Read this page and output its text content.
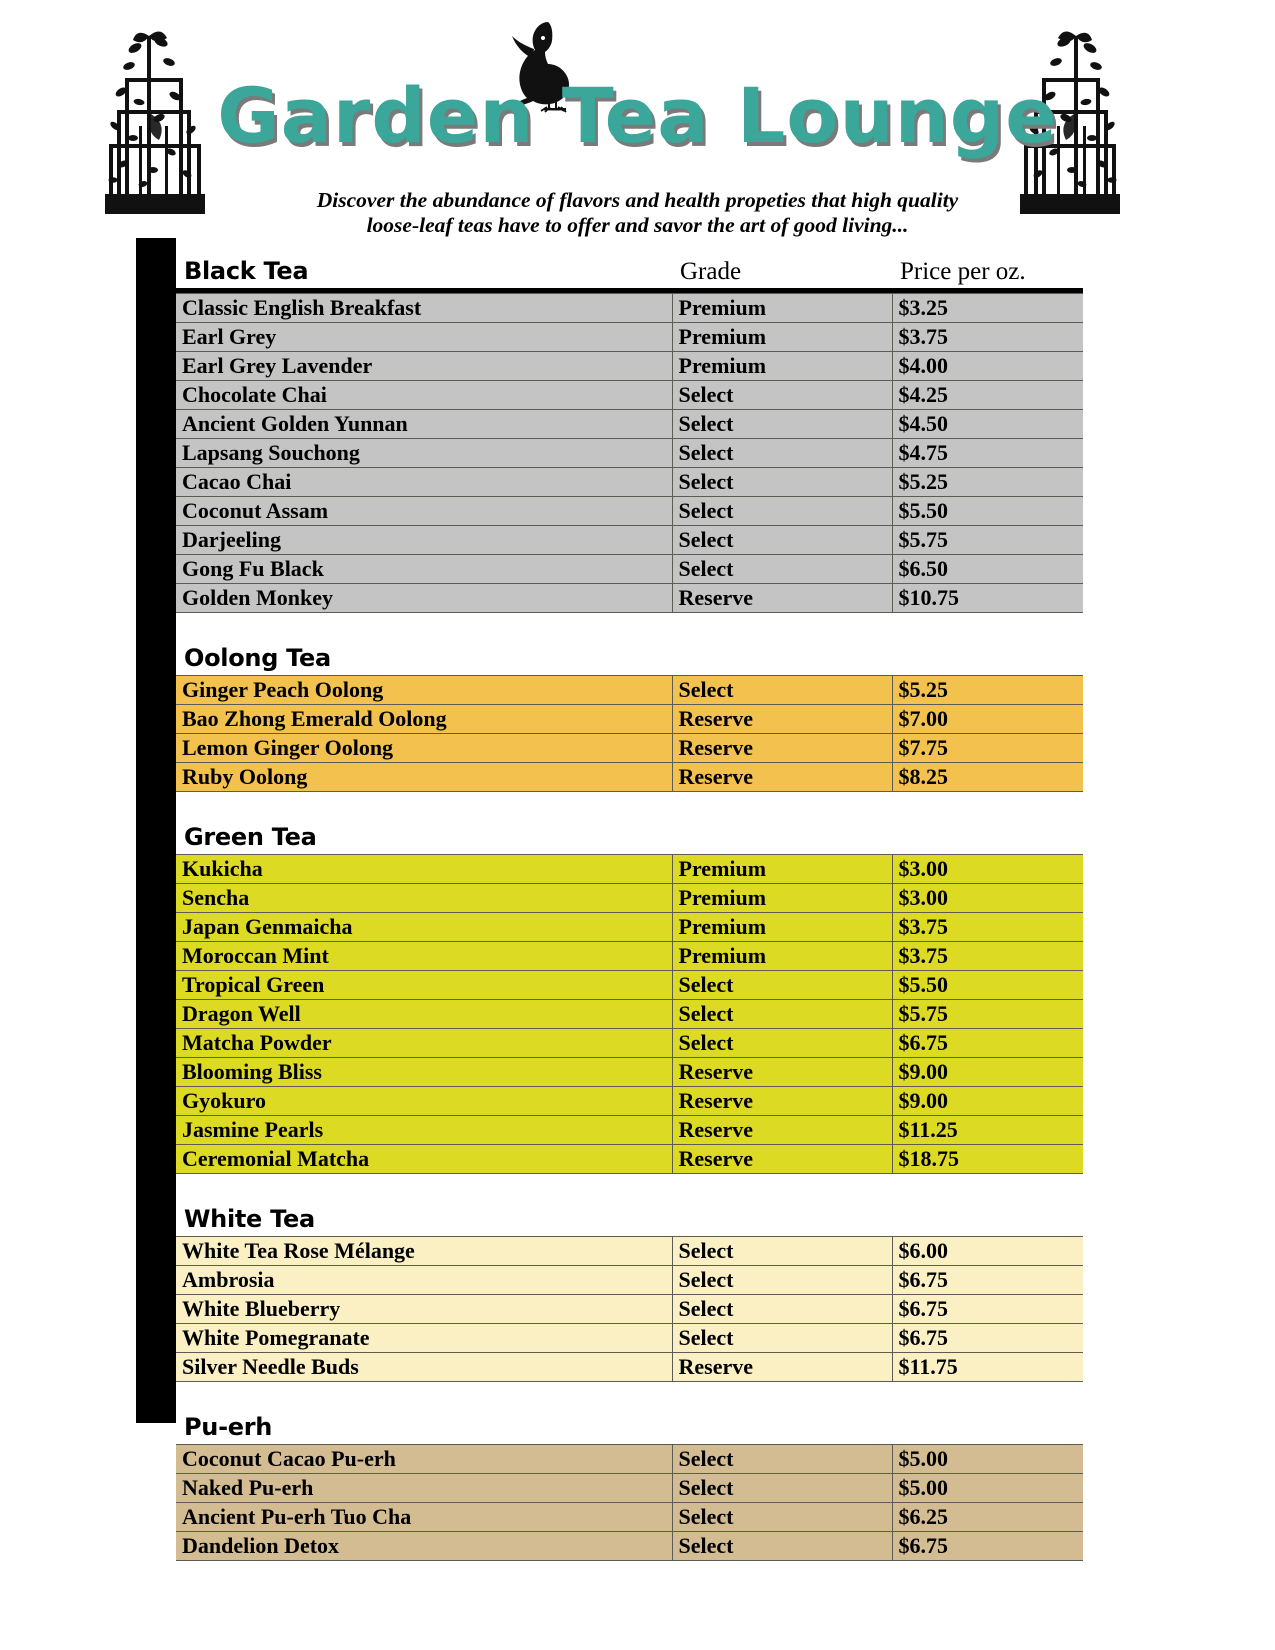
Garden Tea Lounge
Discover the abundance of flavors and health propeties that high quality
loose-leaf teas have to offer and savor the art of good living...
Black Tea	Grade	Price per oz.

Classic English Breakfast	Premium	$3.25
Earl Grey	Premium	$3.75
Earl Grey Lavender	Premium	$4.00
Chocolate Chai	Select	$4.25
Ancient Golden Yunnan	Select	$4.50
Lapsang Souchong	Select	$4.75
Cacao Chai	Select	$5.25
Coconut Assam	Select	$5.50
Darjeeling	Select	$5.75
Gong Fu Black	Select	$6.50
Golden Monkey	Reserve	$10.75

Oolong Tea		
Ginger Peach Oolong	Select	$5.25
Bao Zhong Emerald Oolong	Reserve	$7.00
Lemon Ginger Oolong	Reserve	$7.75
Ruby Oolong	Reserve	$8.25

Green Tea		
Kukicha	Premium	$3.00
Sencha	Premium	$3.00
Japan Genmaicha	Premium	$3.75
Moroccan Mint	Premium	$3.75
Tropical Green	Select	$5.50
Dragon Well	Select	$5.75
Matcha Powder	Select	$6.75
Blooming Bliss	Reserve	$9.00
Gyokuro	Reserve	$9.00
Jasmine Pearls	Reserve	$11.25
Ceremonial Matcha	Reserve	$18.75

White Tea		
White Tea Rose Mélange	Select	$6.00
Ambrosia	Select	$6.75
White Blueberry	Select	$6.75
White Pomegranate	Select	$6.75
Silver Needle Buds	Reserve	$11.75

Pu-erh		
Coconut Cacao Pu-erh	Select	$5.00
Naked Pu-erh	Select	$5.00
Ancient Pu-erh Tuo Cha	Select	$6.25
Dandelion Detox	Select	$6.75
